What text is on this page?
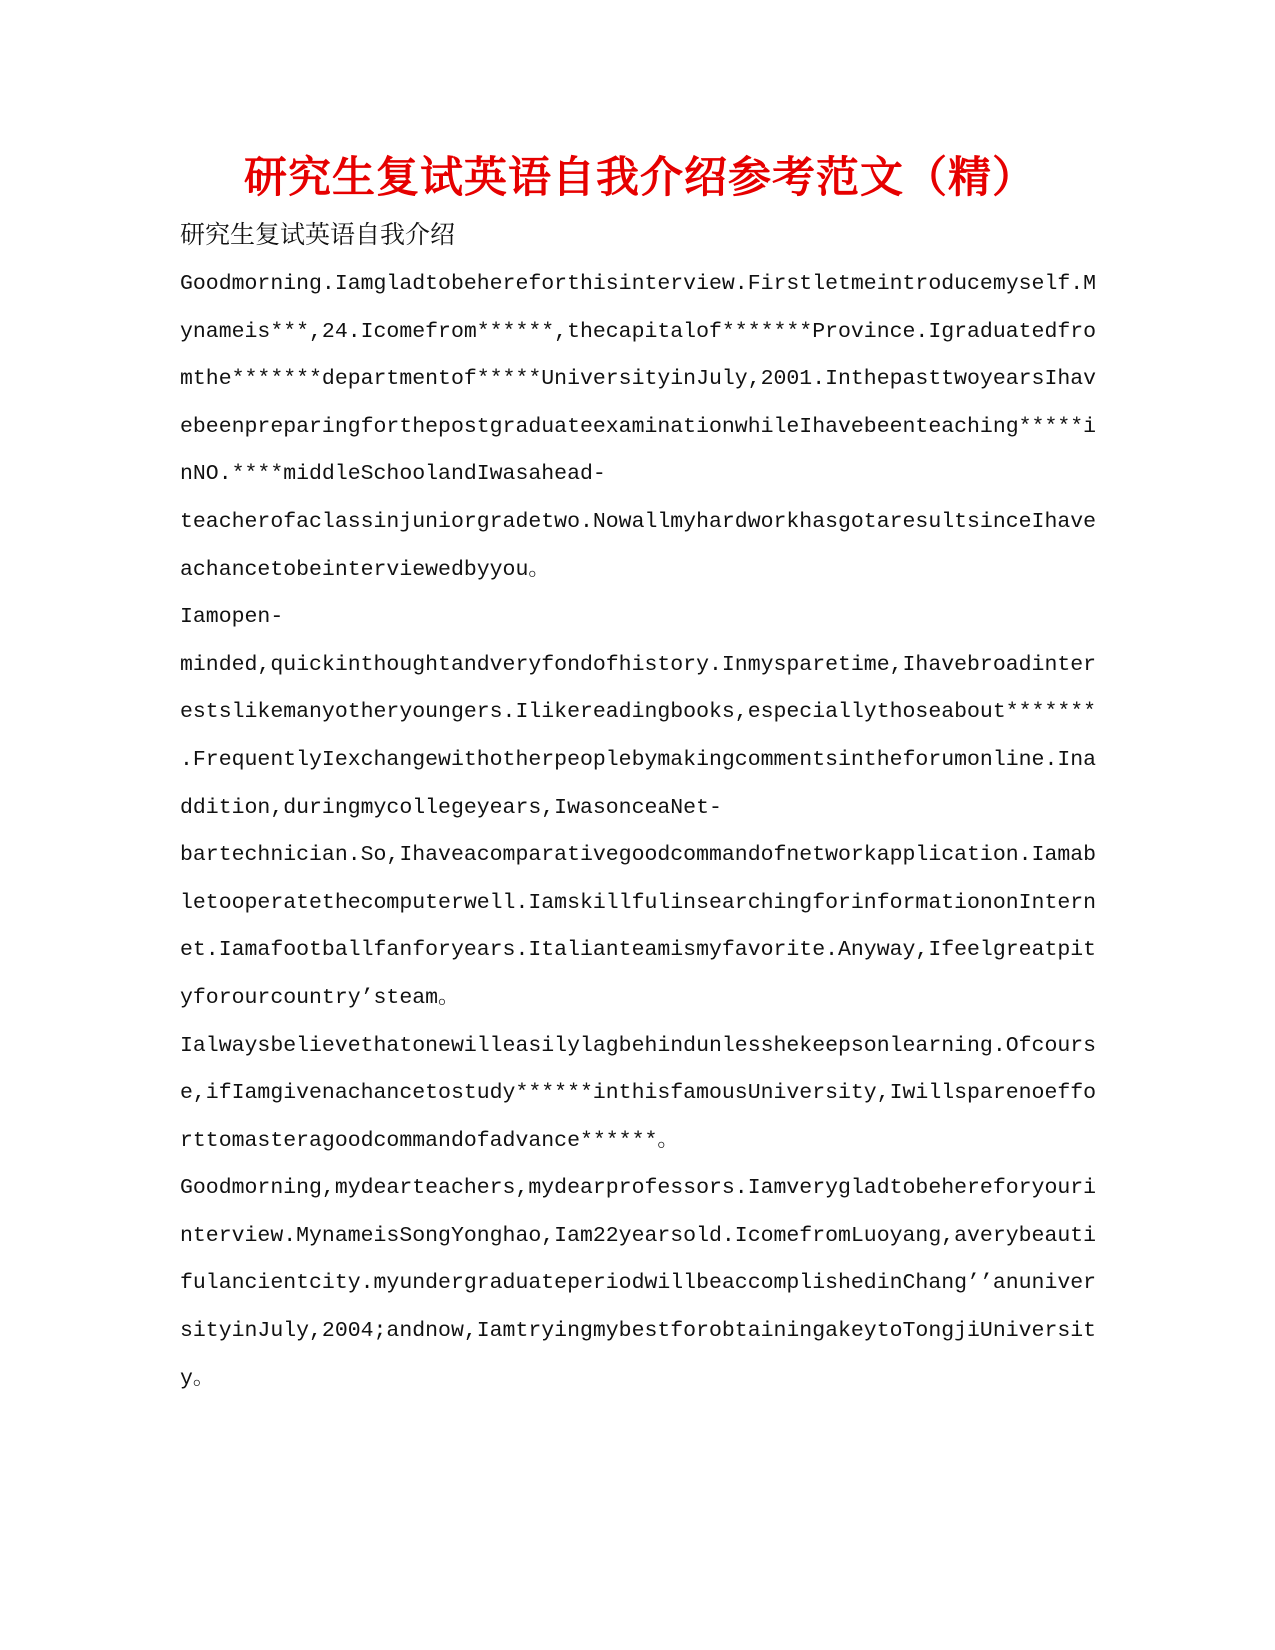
研究生复试英语自我介绍参考范文（精）
研究生复试英语自我介绍
Goodmorning.Iamgladtobehereforthisinterview.Firstletmeintroducemyself.M
ynameis***,24.Icomefrom******,thecapitalof*******Province.Igraduatedfro
mthe*******departmentof*****UniversityinJuly,2001.InthepasttwoyearsIhav
ebeenpreparingforthepostgraduateexaminationwhileIhavebeenteaching*****i
nNO.****middleSchoolandIwasahead-
teacherofaclassinjuniorgradetwo.NowallmyhardworkhasgotaresultsinceIhave
achancetobeinterviewedbyyou。
Iamopen-
minded,quickinthoughtandveryfondofhistory.Inmysparetime,Ihavebroadinter
estslikemanyotheryoungers.Ilikereadingbooks,especiallythoseabout*******
.FrequentlyIexchangewithotherpeoplebymakingcommentsintheforumonline.Ina
ddition,duringmycollegeyears,IwasonceaNet-
bartechnician.So,Ihaveacomparativegoodcommandofnetworkapplication.Iamab
letooperatethecomputerwell.IamskillfulinsearchingforinformationonIntern
et.Iamafootballfanforyears.Italianteamismyfavorite.Anyway,Ifeelgreatpit
yforourcountry’steam。
Ialwaysbelievethatonewilleasilylagbehindunlesshekeepsonlearning.Ofcours
e,ifIamgivenachancetostudy******inthisfamousUniversity,Iwillsparenoeffo
rttomasteragoodcommandofadvance******。
Goodmorning,mydearteachers,mydearprofessors.Iamverygladtobehereforyouri
nterview.MynameisSongYonghao,Iam22yearsold.IcomefromLuoyang,averybeauti
fulancientcity.myundergraduateperiodwillbeaccomplishedinChang’’anuniver
sityinJuly,2004;andnow,IamtryingmybestforobtainingakeytoTongjiUniversit
y。
